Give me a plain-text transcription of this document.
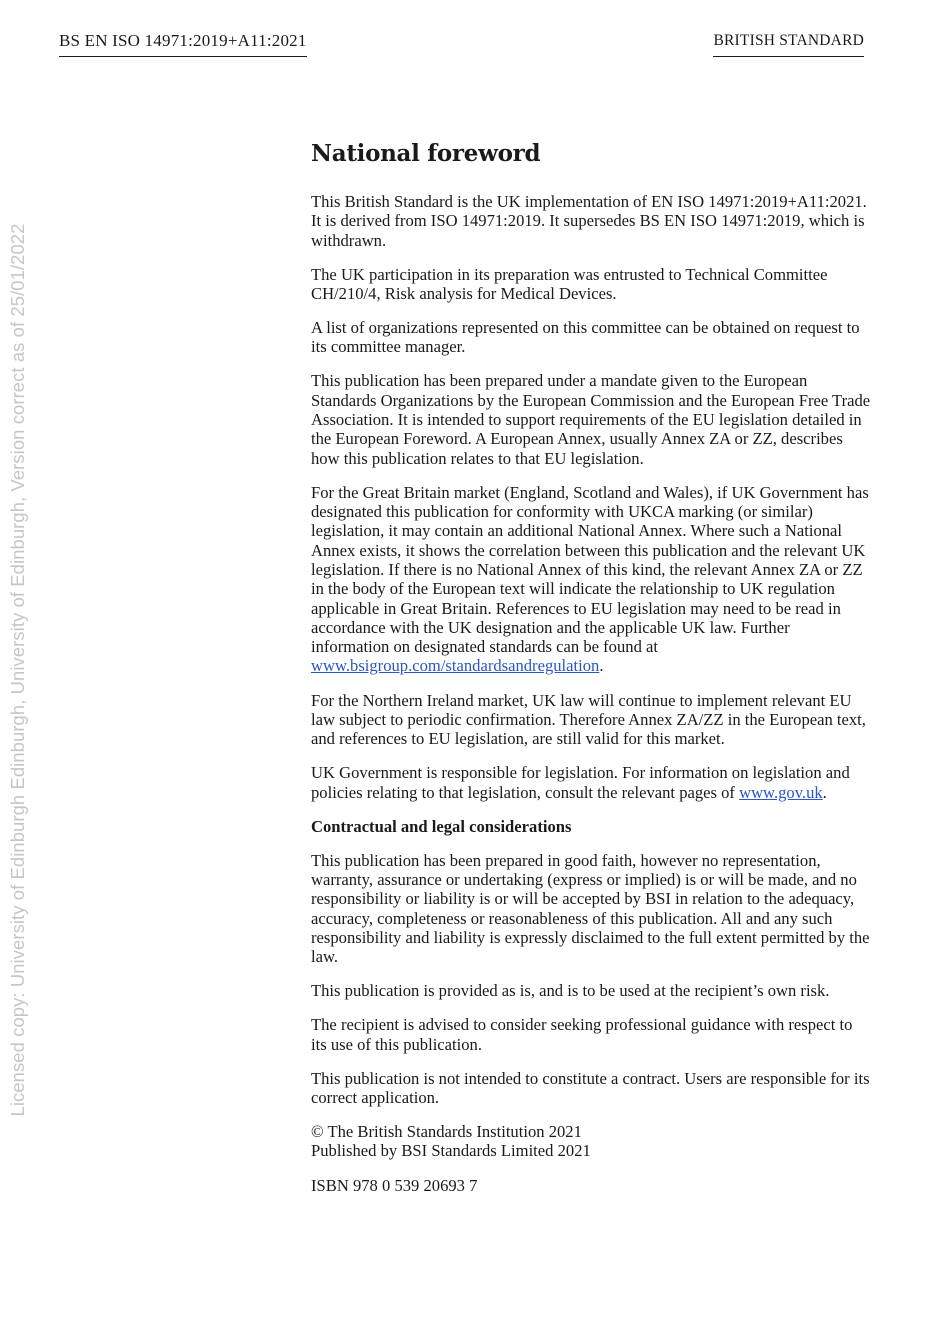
BS EN ISO 14971:2019+A11:2021	BRITISH STANDARD
Licensed copy: University of Edinburgh Edinburgh, University of Edinburgh, Version correct as of 25/01/2022
National foreword

This British Standard is the UK implementation of EN ISO 14971:2019+A11:2021. It is derived from ISO 14971:2019. It supersedes BS EN ISO 14971:2019, which is withdrawn.

The UK participation in its preparation was entrusted to Technical Committee CH/210/4, Risk analysis for Medical Devices.

A list of organizations represented on this committee can be obtained on request to its committee manager.

This publication has been prepared under a mandate given to the European Standards Organizations by the European Commission and the European Free Trade Association. It is intended to support requirements of the EU legislation detailed in the European Foreword. A European Annex, usually Annex ZA or ZZ, describes how this publication relates to that EU legislation.

For the Great Britain market (England, Scotland and Wales), if UK Government has designated this publication for conformity with UKCA marking (or similar) legislation, it may contain an additional National Annex. Where such a National Annex exists, it shows the correlation between this publication and the relevant UK legislation. If there is no National Annex of this kind, the relevant Annex ZA or ZZ in the body of the European text will indicate the relationship to UK regulation applicable in Great Britain. References to EU legislation may need to be read in accordance with the UK designation and the applicable UK law. Further information on designated standards can be found at www.bsigroup.com/standardsandregulation.

For the Northern Ireland market, UK law will continue to implement relevant EU law subject to periodic confirmation. Therefore Annex ZA/ZZ in the European text, and references to EU legislation, are still valid for this market.

UK Government is responsible for legislation. For information on legislation and policies relating to that legislation, consult the relevant pages of www.gov.uk.

Contractual and legal considerations

This publication has been prepared in good faith, however no representation, warranty, assurance or undertaking (express or implied) is or will be made, and no responsibility or liability is or will be accepted by BSI in relation to the adequacy, accuracy, completeness or reasonableness of this publication. All and any such responsibility and liability is expressly disclaimed to the full extent permitted by the law.

This publication is provided as is, and is to be used at the recipient’s own risk.

The recipient is advised to consider seeking professional guidance with respect to its use of this publication.

This publication is not intended to constitute a contract. Users are responsible for its correct application.

© The British Standards Institution 2021
Published by BSI Standards Limited 2021

ISBN 978 0 539 20693 7
